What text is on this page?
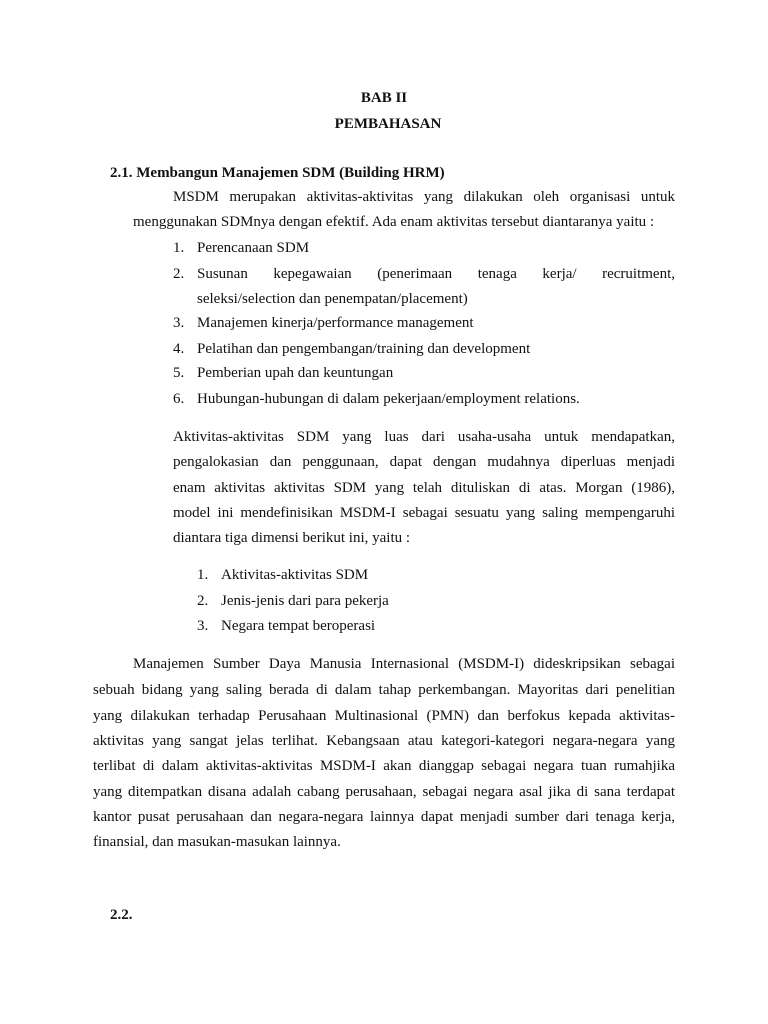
BAB II

PEMBAHASAN

2.1. Membangun Manajemen SDM (Building HRM)

MSDM merupakan aktivitas-aktivitas yang dilakukan oleh organisasi untuk
menggunakan SDMnya dengan efektif. Ada enam aktivitas tersebut diantaranya yaitu :
1. Perencanaan SDM
2. Susunan kepegawaian (penerimaan tenaga kerja/ recruitment,
seleksi/selection dan penempatan/placement)
3. Manajemen kinerja/performance management
4. Pelatihan dan pengembangan/training dan development
5. Pemberian upah dan keuntungan
6. Hubungan-hubungan di dalam pekerjaan/employment relations.
Aktivitas-aktivitas SDM yang luas dari usaha-usaha untuk mendapatkan,
pengalokasian dan penggunaan, dapat dengan mudahnya diperluas menjadi
enam aktivitas aktivitas SDM yang telah dituliskan di atas. Morgan (1986),
model ini mendefinisikan MSDM-I sebagai sesuatu yang saling mempengaruhi
diantara tiga dimensi berikut ini, yaitu :
1. Aktivitas-aktivitas SDM
2. Jenis-jenis dari para pekerja
3. Negara tempat beroperasi
Manajemen Sumber Daya Manusia Internasional (MSDM-I) dideskripsikan sebagai
sebuah bidang yang saling berada di dalam tahap perkembangan. Mayoritas dari penelitian
yang dilakukan terhadap Perusahaan Multinasional (PMN) dan berfokus kepada aktivitas-
aktivitas yang sangat jelas terlihat. Kebangsaan atau kategori-kategori negara-negara yang
terlibat di dalam aktivitas-aktivitas MSDM-I akan dianggap sebagai negara tuan rumahjika
yang ditempatkan disana adalah cabang perusahaan, sebagai negara asal jika di sana terdapat
kantor pusat perusahaan dan negara-negara lainnya dapat menjadi sumber dari tenaga kerja,
finansial, dan masukan-masukan lainnya.

2.2.
